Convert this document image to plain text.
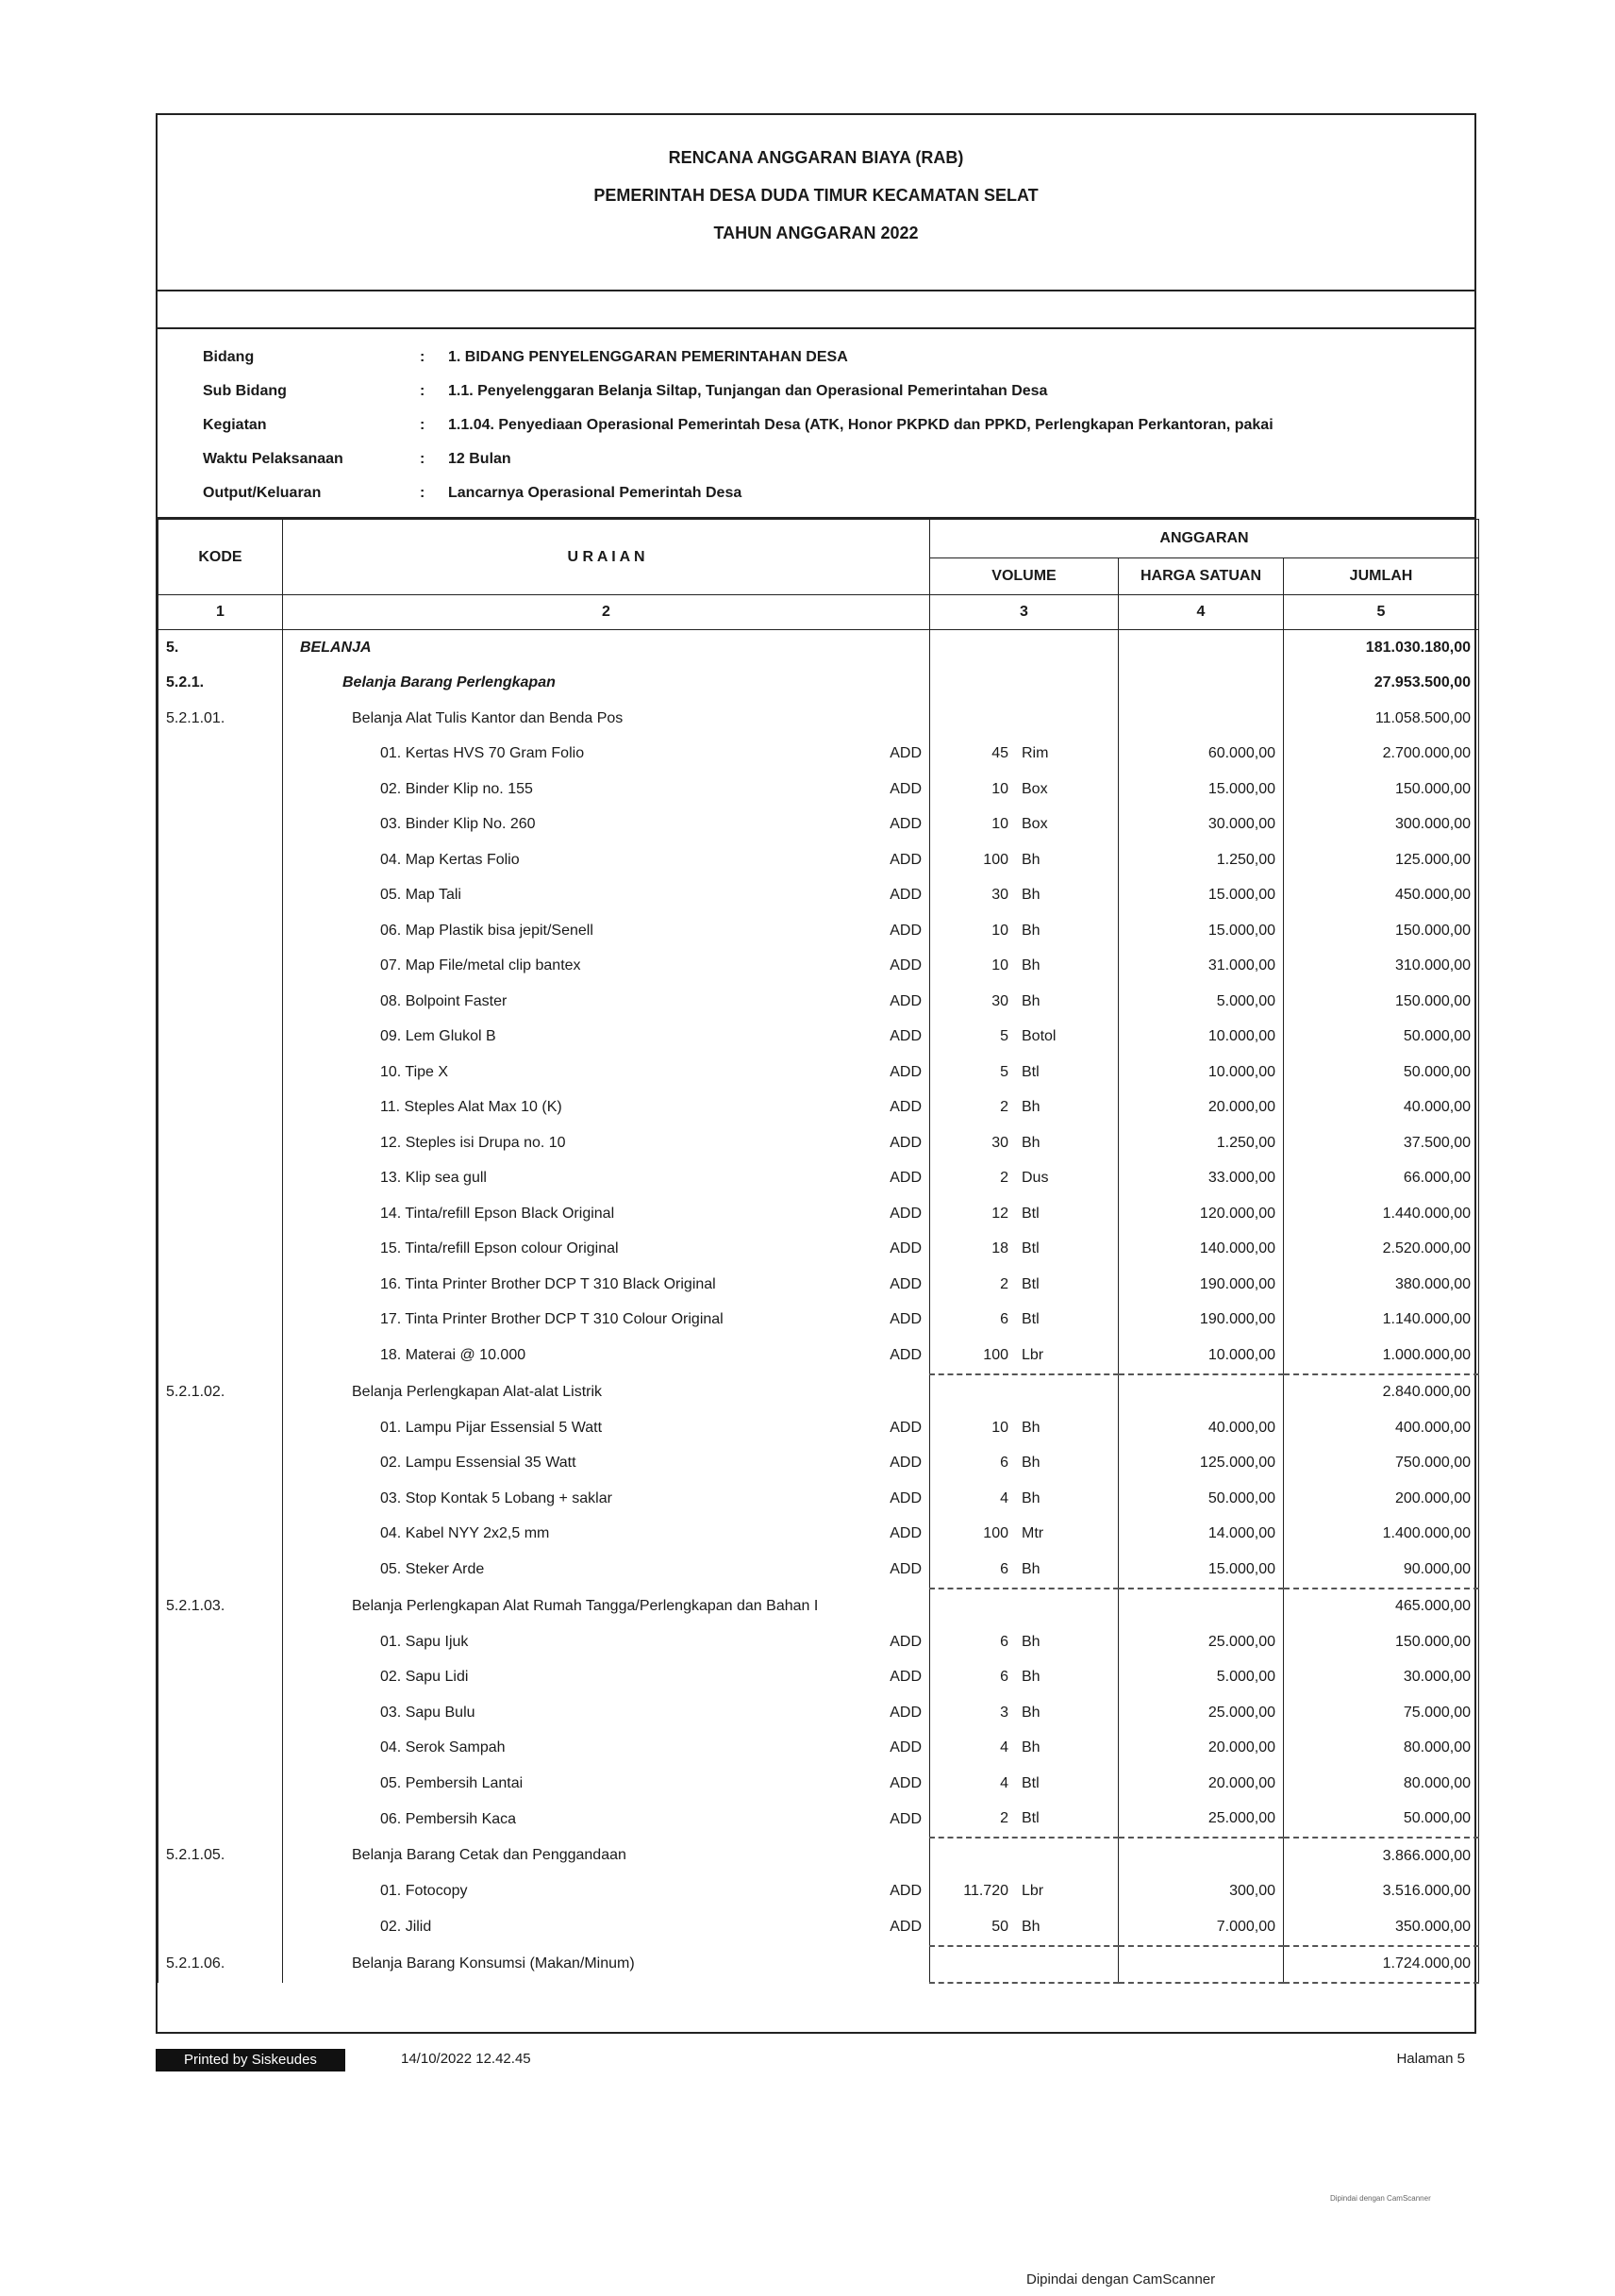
RENCANA ANGGARAN BIAYA (RAB)
PEMERINTAH DESA DUDA TIMUR KECAMATAN SELAT
TAHUN ANGGARAN 2022
Bidang	: 1. BIDANG PENYELENGGARAN PEMERINTAHAN DESA
Sub Bidang	: 1.1. Penyelenggaran Belanja Siltap, Tunjangan dan Operasional Pemerintahan Desa
Kegiatan	: 1.1.04. Penyediaan Operasional Pemerintah Desa (ATK, Honor PKPKD dan PPKD, Perlengkapan Perkantoran, pakai
Waktu Pelaksanaan	: 12 Bulan
Output/Keluaran	: Lancarnya Operasional Pemerintah Desa
KODE	U R A I A N	ANGGARAN		
		VOLUME	HARGA SATUAN	JUMLAH
1	2	3	4	5
5.	BELANJA			181.030.180,00
5.2.1.	Belanja Barang Perlengkapan			27.953.500,00
5.2.1.01.	Belanja Alat Tulis Kantor dan Benda Pos			11.058.500,00

	01. Kertas HVS 70 Gram Folio ADD	45 Rim	60.000,00	2.700.000,00

	02. Binder Klip no. 155 ADD	10 Box	15.000,00	150.000,00

	03. Binder Klip No. 260 ADD	10 Box	30.000,00	300.000,00

	04. Map Kertas Folio ADD	100 Bh	1.250,00	125.000,00

	05. Map Tali ADD	30 Bh	15.000,00	450.000,00

	06. Map Plastik bisa jepit/Senell ADD	10 Bh	15.000,00	150.000,00

	07. Map File/metal clip bantex ADD	10 Bh	31.000,00	310.000,00

	08. Bolpoint Faster ADD	30 Bh	5.000,00	150.000,00

	09. Lem Glukol B ADD	5 Botol	10.000,00	50.000,00

	10. Tipe X ADD	5 Btl	10.000,00	50.000,00

	11. Steples Alat Max 10 (K) ADD	2 Bh	20.000,00	40.000,00

	12. Steples isi Drupa no. 10 ADD	30 Bh	1.250,00	37.500,00

	13. Klip sea gull ADD	2 Dus	33.000,00	66.000,00

	14. Tinta/refill Epson Black Original ADD	12 Btl	120.000,00	1.440.000,00

	15. Tinta/refill Epson colour Original ADD	18 Btl	140.000,00	2.520.000,00

	16. Tinta Printer Brother DCP T 310 Black Original ADD	2 Btl	190.000,00	380.000,00

	17. Tinta Printer Brother DCP T 310 Colour Original ADD	6 Btl	190.000,00	1.140.000,00

	18. Materai @ 10.000 ADD	100 Lbr	10.000,00	1.000.000,00
5.2.1.02.	Belanja Perlengkapan Alat-alat Listrik			2.840.000,00

	01. Lampu Pijar Essensial 5 Watt ADD	10 Bh	40.000,00	400.000,00

	02. Lampu Essensial 35 Watt ADD	6 Bh	125.000,00	750.000,00

	03. Stop Kontak 5 Lobang + saklar ADD	4 Bh	50.000,00	200.000,00

	04. Kabel NYY 2x2,5 mm ADD	100 Mtr	14.000,00	1.400.000,00

	05. Steker Arde ADD	6 Bh	15.000,00	90.000,00
5.2.1.03.	Belanja Perlengkapan Alat Rumah Tangga/Perlengkapan dan Bahan I			465.000,00

	01. Sapu Ijuk ADD	6 Bh	25.000,00	150.000,00

	02. Sapu Lidi ADD	6 Bh	5.000,00	30.000,00

	03. Sapu Bulu ADD	3 Bh	25.000,00	75.000,00

	04. Serok Sampah ADD	4 Bh	20.000,00	80.000,00

	05. Pembersih Lantai ADD	4 Btl	20.000,00	80.000,00

	06. Pembersih Kaca ADD	2 Btl	25.000,00	50.000,00
5.2.1.05.	Belanja Barang Cetak dan Penggandaan			3.866.000,00

	01. Fotocopy ADD	11.720 Lbr	300,00	3.516.000,00

	02. Jilid ADD	50 Bh	7.000,00	350.000,00
5.2.1.06.	Belanja Barang Konsumsi (Makan/Minum)			1.724.000,00
Printed by Siskeudes	14/10/2022 12.42.45	Halaman 5
Dipindai dengan CamScanner
Dipindai dengan CamScanner
